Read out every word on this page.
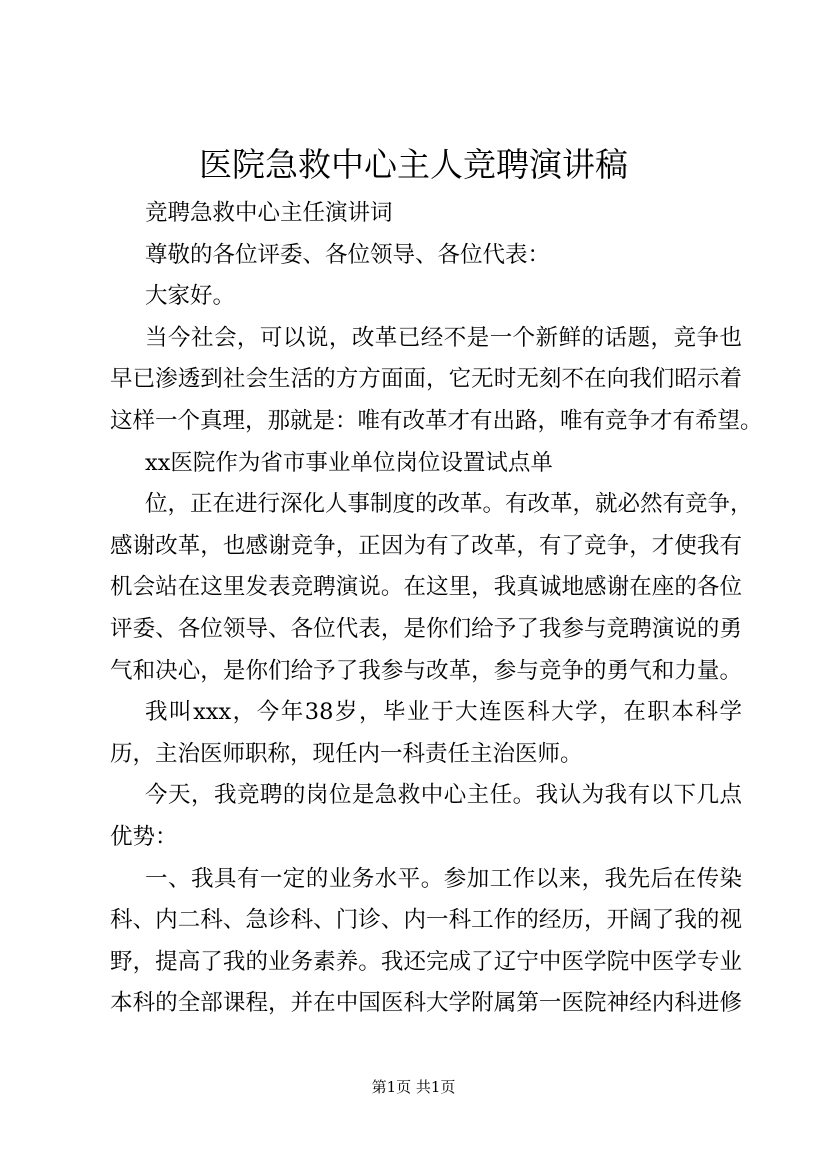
医院急救中心主人竞聘演讲稿
竞聘急救中心主任演讲词
尊敬的各位评委、各位领导、各位代表：
大家好。
当今社会，可以说，改革已经不是一个新鲜的话题，竞争也
早已渗透到社会生活的方方面面，它无时无刻不在向我们昭示着
这样一个真理，那就是：唯有改革才有出路，唯有竞争才有希望。
xx医院作为省市事业单位岗位设置试点单
位，正在进行深化人事制度的改革。有改革，就必然有竞争，
感谢改革，也感谢竞争，正因为有了改革，有了竞争，才使我有
机会站在这里发表竞聘演说。在这里，我真诚地感谢在座的各位
评委、各位领导、各位代表，是你们给予了我参与竞聘演说的勇
气和决心，是你们给予了我参与改革，参与竞争的勇气和力量。
我叫xxx，今年38岁，毕业于大连医科大学，在职本科学
历，主治医师职称，现任内一科责任主治医师。
今天，我竞聘的岗位是急救中心主任。我认为我有以下几点
优势：
一、我具有一定的业务水平。参加工作以来，我先后在传染
科、内二科、急诊科、门诊、内一科工作的经历，开阔了我的视
野，提高了我的业务素养。我还完成了辽宁中医学院中医学专业
本科的全部课程，并在中国医科大学附属第一医院神经内科进修
第1页 共1页
